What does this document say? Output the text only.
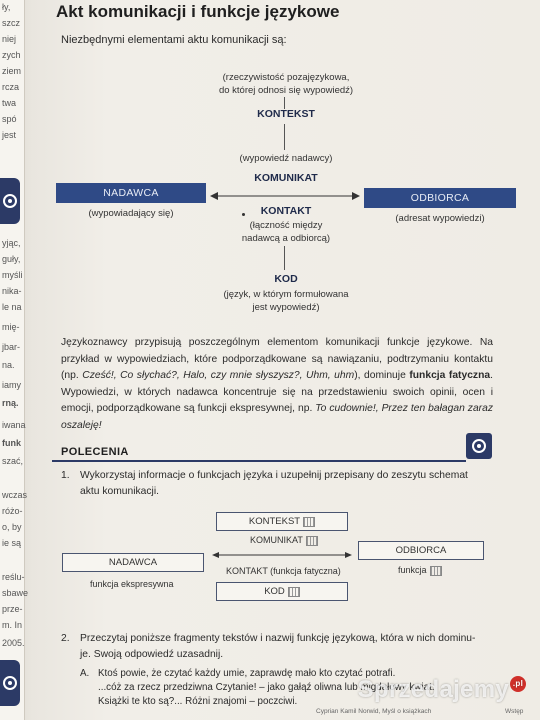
ły,
szcz
niej
zych
ziem
rcza
twa
spó
jest
yjąc,
guły,
myśli
nika-
le na
mię-
jbar-
na.
iamy
rną.
iwana
funk
szać,
wczas
różo-
o, by
ie są
reślu-
sbawe
prze-
m. In
2005.
Akt komunikacji i funkcje językowe
Niezbędnymi elementami aktu komunikacji są:
(rzeczywistość pozajęzykowa,
do której odnosi się wypowiedź)
KONTEKST
(wypowiedź nadawcy)
KOMUNIKAT
NADAWCA
(wypowiadający się)
ODBIORCA
(adresat wypowiedzi)
KONTAKT
(łączność między
nadawcą a odbiorcą)
KOD
(język, w którym formułowana
jest wypowiedź)
Językoznawcy przypisują poszczególnym elementom komunikacji funkcje językowe. Na przykład w wypowiedziach, które podporządkowane są nawiązaniu, podtrzymaniu kontaktu (np. Cześć!, Co słychać?, Halo, czy mnie słyszysz?, Uhm, uhm), dominuje funkcja fatyczna. Wypowiedzi, w których nadawca koncentruje się na przedstawieniu swoich opinii, ocen i emocji, podporządkowane są funkcji ekspresywnej, np. To cudownie!, Przez ten bałagan zaraz oszaleję!
POLECENIA
1. Wykorzystaj informacje o funkcjach języka i uzupełnij przepisany do zeszytu schemat
aktu komunikacji.
KONTEKST
KOMUNIKAT
NADAWCA
ODBIORCA
funkcja ekspresywna
KONTAKT (funkcja fatyczna)	funkcja
KOD
2. Przeczytaj poniższe fragmenty tekstów i nazwij funkcję językową, która w nich dominu-
je. Swoją odpowiedź uzasadnij.
A. Ktoś powie, że czytać każdy umie, zaprawdę mało kto czytać potrafi.
...cóż za rzecz przedziwna Czytanie! – jako gałąź oliwna lub migdałowy kwiat.
Książki te kto są?... Różni znajomi – poczciwi.
Cyprian Kamil Norwid, Myśl o książkach	Wstęp
Sprzedajemy .pl
